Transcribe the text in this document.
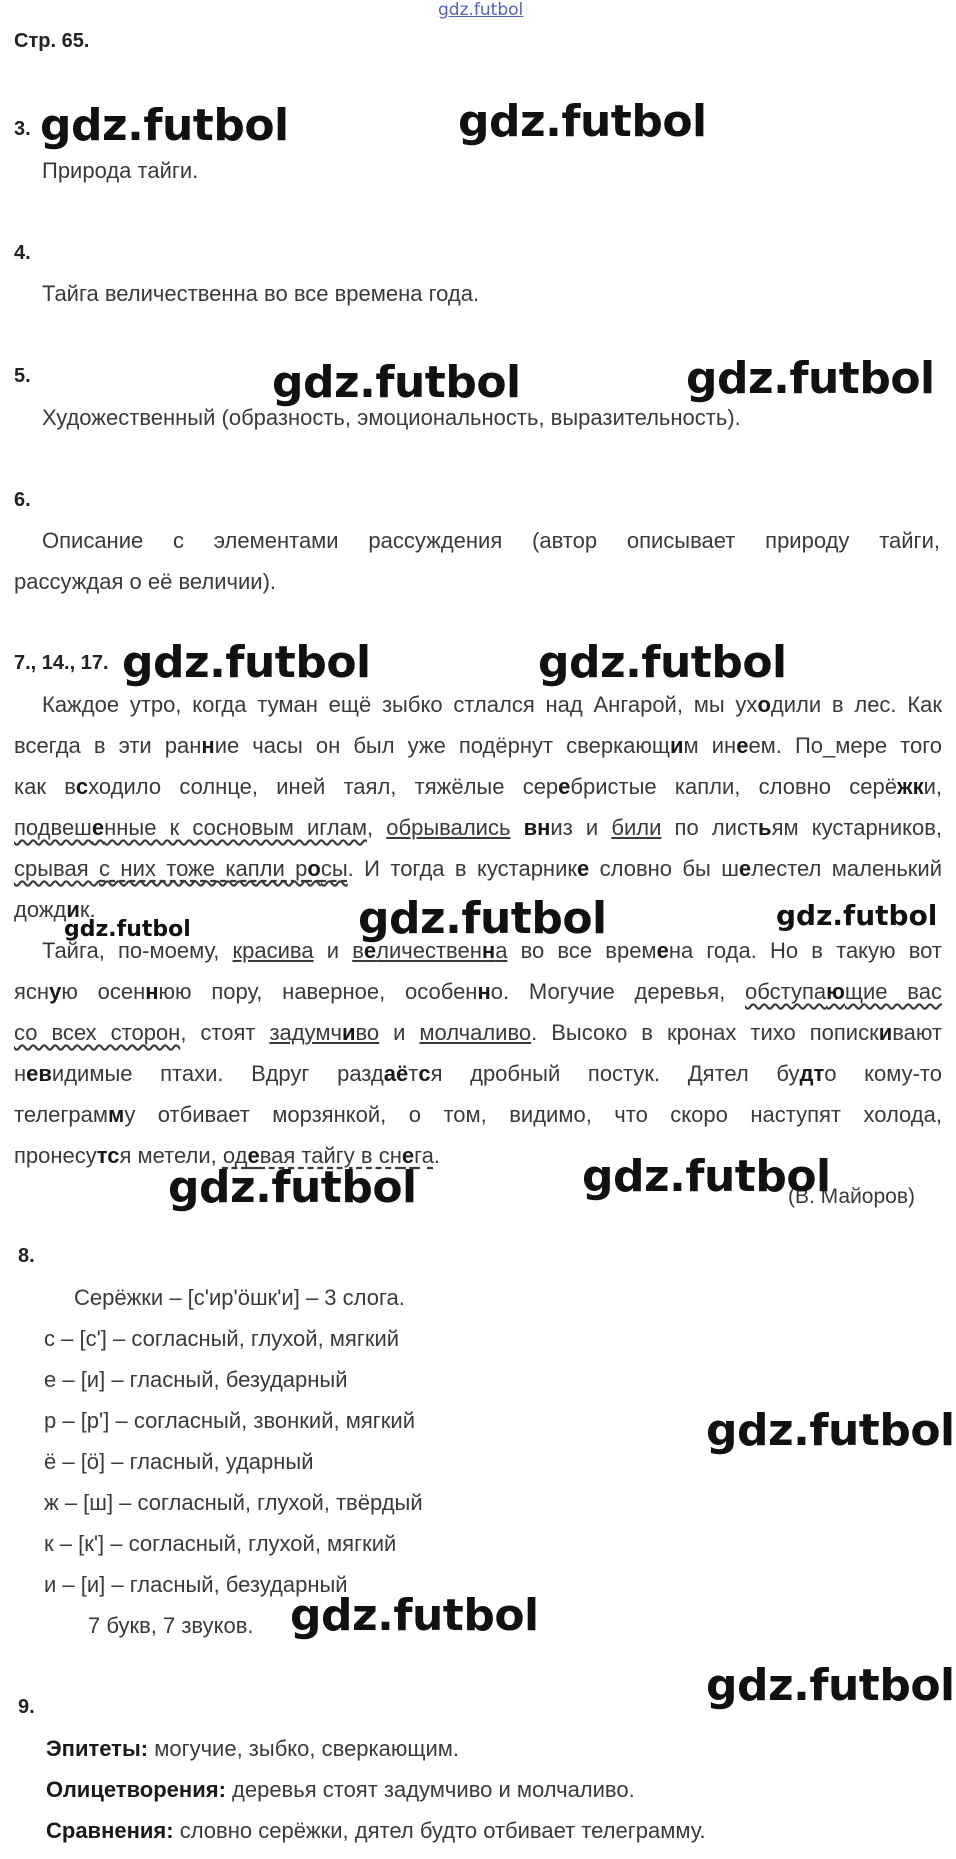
gdz.futbol
Стр. 65.
3.
Природа тайги.
4.
Тайга величественна во все времена года.
5.
Художественный (образность, эмоциональность, выразительность).
6.
Описание с элементами рассуждения (автор описывает природу тайги,
рассуждая о её величии).
7., 14., 17.
Каждое утро, когда туман ещё зыбко стлался над Ангарой, мы уходили в лес. Как
всегда в эти ранние часы он был уже подёрнут сверкающим инеем. По_мере того
как всходило солнце, иней таял, тяжёлые серебристые капли, словно серёжки,
подвешенные к сосновым иглам, обрывались вниз и били по листьям кустарников,
срывая с них тоже капли росы. И тогда в кустарнике словно бы шелестел маленький
дождик.
Тайга, по-моему, красива и величественна во все времена года. Но в такую вот
ясную осеннюю пору, наверное, особенно. Могучие деревья, обступающие вас
со всех сторон, стоят задумчиво и молчаливо. Высоко в кронах тихо попискивают
невидимые птахи. Вдруг раздаётся дробный постук. Дятел будто кому-то
телеграмму отбивает морзянкой, о том, видимо, что скоро наступят холода,
пронесутся метели, одевая тайгу в снега.
(В. Майоров)
8.
Серёжки – [с'ир'ӧшк'и] – 3 слога.
с – [с'] – согласный, глухой, мягкий
е – [и] – гласный, безударный
р – [р'] – согласный, звонкий, мягкий
ё – [ӧ] – гласный, ударный
ж – [ш] – согласный, глухой, твёрдый
к – [к'] – согласный, глухой, мягкий
и – [и] – гласный, безударный
7 букв, 7 звуков.
9.
Эпитеты: могучие, зыбко, сверкающим.
Олицетворения: деревья стоят задумчиво и молчаливо.
Сравнения: словно серёжки, дятел будто отбивает телеграмму.
gdz.futbol	gdz.futbol
gdz.futbol	gdz.futbol
gdz.futbol	gdz.futbol
gdz.futbol	gdz.futbol	gdz.futbol
gdz.futbol	gdz.futbol
gdz.futbol
gdz.futbol
gdz.futbol
